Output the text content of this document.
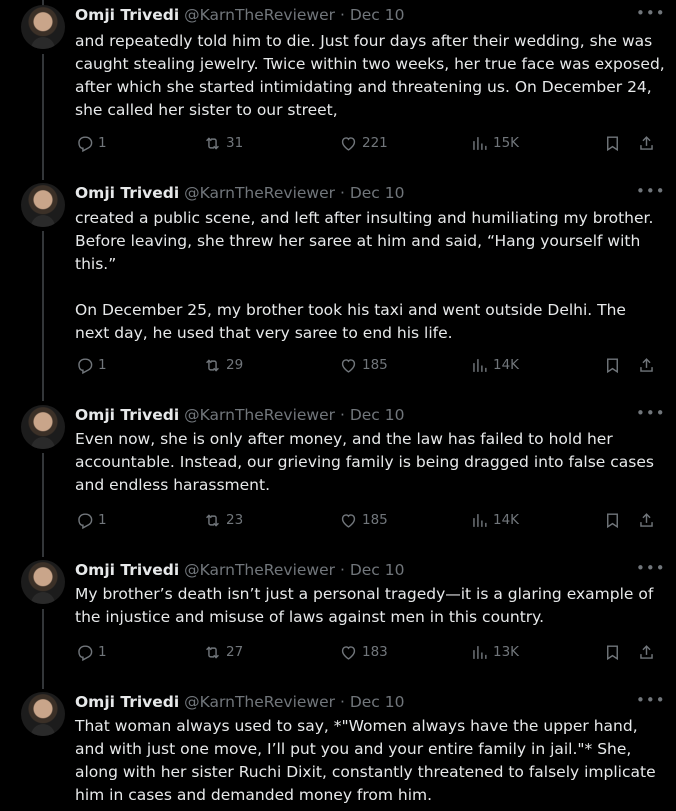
Omji Trivedi @KarnTheReviewer · Dec 10	•••
and repeatedly told him to die. Just four days after their wedding, she was caught stealing jewelry. Twice within two weeks, her true face was exposed, after which she started intimidating and threatening us. On December 24, she called her sister to our street,
1	31	221	15K
Omji Trivedi @KarnTheReviewer · Dec 10	•••
created a public scene, and left after insulting and humiliating my brother. Before leaving, she threw her saree at him and said, “Hang yourself with this.”

On December 25, my brother took his taxi and went outside Delhi. The next day, he used that very saree to end his life.
1	29	185	14K
Omji Trivedi @KarnTheReviewer · Dec 10	•••
Even now, she is only after money, and the law has failed to hold her accountable. Instead, our grieving family is being dragged into false cases and endless harassment.
1	23	185	14K
Omji Trivedi @KarnTheReviewer · Dec 10	•••
My brother’s death isn’t just a personal tragedy—it is a glaring example of the injustice and misuse of laws against men in this country.
1	27	183	13K
Omji Trivedi @KarnTheReviewer · Dec 10	•••
That woman always used to say, *"Women always have the upper hand, and with just one move, I’ll put you and your entire family in jail."* She, along with her sister Ruchi Dixit, constantly threatened to falsely implicate him in cases and demanded money from him.
